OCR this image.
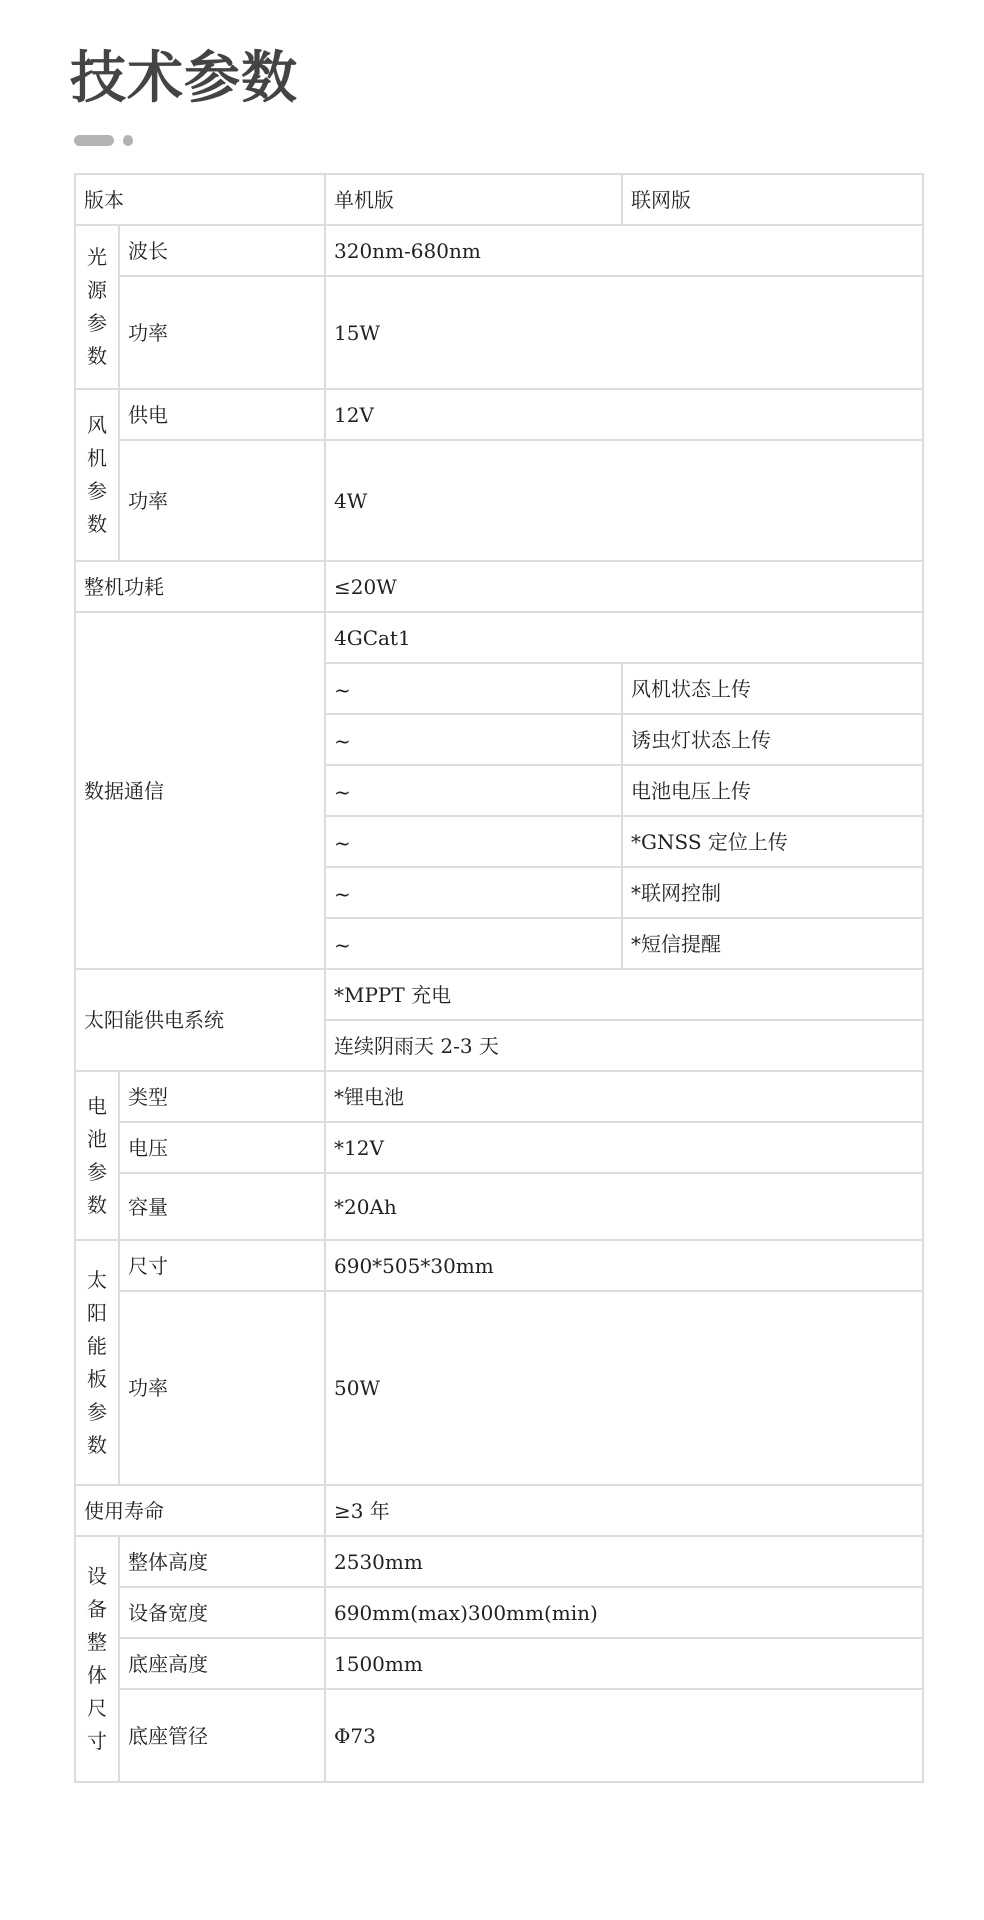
技术参数
版本		单机版	联网版
光源参数	波长	320nm-680nm	
	功率	15W	
风机参数	供电	12V	
	功率	4W	
整机功耗		≤20W	
数据通信		4GCat1	
		~	风机状态上传
		~	诱虫灯状态上传
		~	电池电压上传
		~	*GNSS 定位上传
		~	*联网控制
		~	*短信提醒
太阳能供电系统		*MPPT 充电	
		连续阴雨天 2-3 天	
电池参数	类型	*锂电池	
	电压	*12V	
	容量	*20Ah	
太阳能板参数	尺寸	690*505*30mm	
	功率	50W	
使用寿命		≥3 年	
设备整体尺寸	整体高度	2530mm	
	设备宽度	690mm(max)300mm(min)	
	底座高度	1500mm	
	底座管径	Φ73	
